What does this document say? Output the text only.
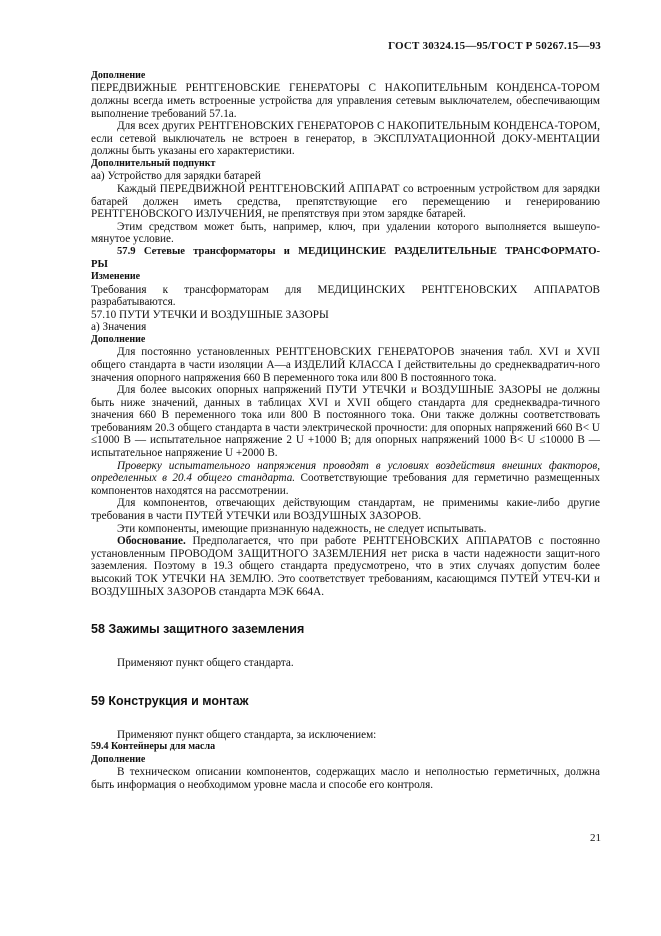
ГОСТ 30324.15—95/ГОСТ Р 50267.15—93
Дополнение
ПЕРЕДВИЖНЫЕ РЕНТГЕНОВСКИЕ ГЕНЕРАТОРЫ С НАКОПИТЕЛЬНЫМ КОНДЕНСА-ТОРОМ должны всегда иметь встроенные устройства для управления сетевым выключателем, обеспечивающим выполнение требований 57.1а.
Для всех других РЕНТГЕНОВСКИХ ГЕНЕРАТОРОВ С НАКОПИТЕЛЬНЫМ КОНДЕНСА-ТОРОМ, если сетевой выключатель не встроен в генератор, в ЭКСПЛУАТАЦИОННОЙ ДОКУ-МЕНТАЦИИ должны быть указаны его характеристики.
Дополнительный подпункт
аа) Устройство для зарядки батарей
Каждый ПЕРЕДВИЖНОЙ РЕНТГЕНОВСКИЙ АППАРАТ со встроенным устройством для зарядки батарей должен иметь средства, препятствующие его перемещению и генерированию РЕНТГЕНОВСКОГО ИЗЛУЧЕНИЯ, не препятствуя при этом зарядке батарей.
Этим средством может быть, например, ключ, при удалении которого выполняется вышеупо-мянутое условие.
57.9 Сетевые трансформаторы и МЕДИЦИНСКИЕ РАЗДЕЛИТЕЛЬНЫЕ ТРАНСФОРМАТО-
РЫ
Изменение
Требования к трансформаторам для МЕДИЦИНСКИХ РЕНТГЕНОВСКИХ АППАРАТОВ разрабатываются.
57.10 ПУТИ УТЕЧКИ И ВОЗДУШНЫЕ ЗАЗОРЫ
а) Значения
Дополнение
Для постоянно установленных РЕНТГЕНОВСКИХ ГЕНЕРАТОРОВ значения табл. XVI и XVII общего стандарта в части изоляции А—а ИЗДЕЛИЙ КЛАССА I действительны до среднеквадратич-ного значения опорного напряжения 660 В переменного тока или 800 В постоянного тока.
Для более высоких опорных напряжений ПУТИ УТЕЧКИ и ВОЗДУШНЫЕ ЗАЗОРЫ не должны быть ниже значений, данных в таблицах XVI и XVII общего стандарта для среднеквадра-тичного значения 660 В переменного тока или 800 В постоянного тока. Они также должны соответствовать требованиям 20.3 общего стандарта в части электрической прочности: для опорных напряжений 660 В< U ≤1000 В — испытательное напряжение 2 U +1000 В; для опорных напряжений 1000 В< U ≤10000 В — испытательное напряжение U +2000 В.
Проверку испытательного напряжения проводят в условиях воздействия внешних факторов, определенных в 20.4 общего стандарта. Соответствующие требования для герметично размещенных компонентов находятся на рассмотрении.
Для компонентов, отвечающих действующим стандартам, не применимы какие-либо другие требования в части ПУТЕЙ УТЕЧКИ или ВОЗДУШНЫХ ЗАЗОРОВ.
Эти компоненты, имеющие признанную надежность, не следует испытывать.
Обоснование. Предполагается, что при работе РЕНТГЕНОВСКИХ АППАРАТОВ с постоянно установленным ПРОВОДОМ ЗАЩИТНОГО ЗАЗЕМЛЕНИЯ нет риска в части надежности защит-ного заземления. Поэтому в 19.3 общего стандарта предусмотрено, что в этих случаях допустим более высокий ТОК УТЕЧКИ НА ЗЕМЛЮ. Это соответствует требованиям, касающимся ПУТЕЙ УТЕЧ-КИ и ВОЗДУШНЫХ ЗАЗОРОВ стандарта МЭК 664А.
58 Зажимы защитного заземления
Применяют пункт общего стандарта.
59 Конструкция и монтаж
Применяют пункт общего стандарта, за исключением:
59.4 Контейнеры для масла
Дополнение
В техническом описании компонентов, содержащих масло и неполностью герметичных, должна быть информация о необходимом уровне масла и способе его контроля.
21
